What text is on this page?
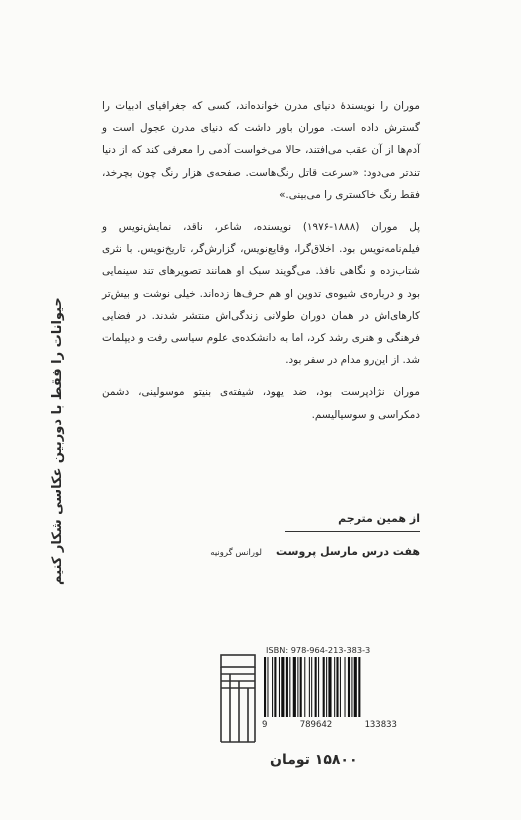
موران را نویسندهٔ دنیای مدرن خوانده‌اند، کسی که جغرافیای ادبیات را گسترش داده است. موران باور داشت که دنیای مدرن عجول است و آدم‌ها از آن عقب می‌افتند، حالا می‌خواست آدمی را معرفی کند که از دنیا تندتر می‌دود: «سرعت قاتل رنگ‌هاست. صفحه‌ی هزار رنگ چون بچرخد، فقط رنگ خاکستری را می‌بینی.»

پل موران (۱۸۸۸-۱۹۷۶) نویسنده، شاعر، ناقد، نمایش‌نویس و فیلم‌نامه‌نویس بود. اخلاق‌گرا، وقایع‌نویس، گزارش‌گر، تاریخ‌نویس. با نثری شتاب‌زده و نگاهی نافذ. می‌گویند سبک او همانند تصویرهای تند سینمایی بود و درباره‌ی شیوه‌ی تدوین او هم حرف‌ها زده‌اند. خیلی نوشت و بیش‌تر کارهای‌اش در همان دوران طولانی زندگی‌اش منتشر شدند. در فضایی فرهنگی و هنری رشد کرد، اما به دانشکده‌ی علوم سیاسی رفت و دیپلمات شد. از این‌رو مدام در سفر بود.

موران نژادپرست بود، ضد یهود، شیفته‌ی بنیتو موسولینی، دشمن دمکراسی و سوسیالیسم.

حیوانات را فقط با دوربین عکاسی شکار کنیم	از همین مترجم
هفت درس مارسل پروست
لورانس گرونیه
ISBN: 978-964-213-383-3
9	789642	133833
۱۵۸۰۰ تومان
